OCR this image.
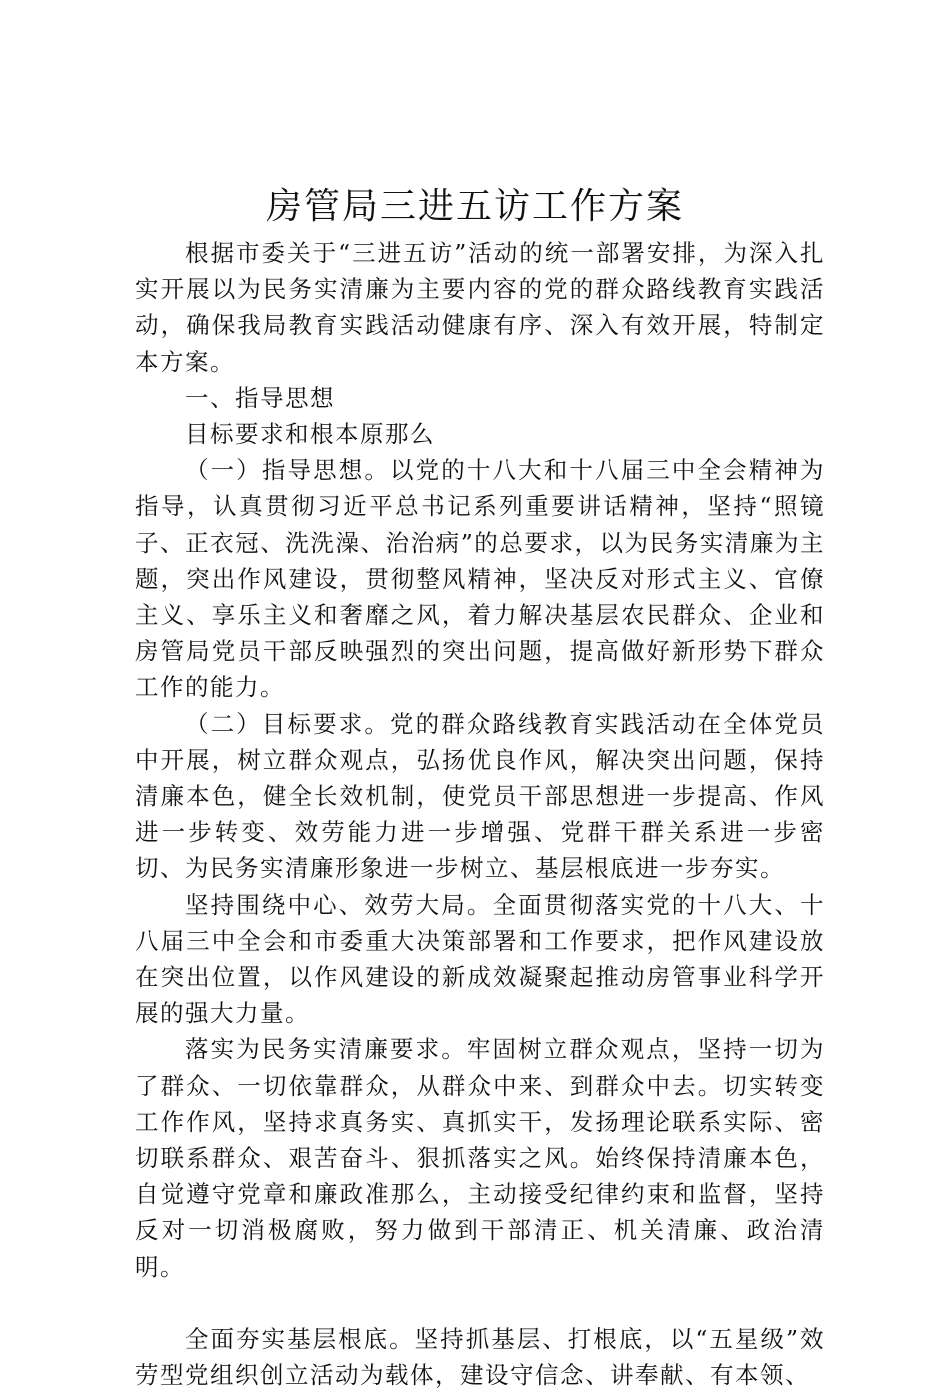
房管局三进五访工作方案

根据市委关于“三进五访”活动的统一部署安排，为深入扎实开展以为民务实清廉为主要内容的党的群众路线教育实践活动，确保我局教育实践活动健康有序、深入有效开展，特制定本方案。

一、指导思想

目标要求和根本原那么

（一）指导思想。以党的十八大和十八届三中全会精神为指导，认真贯彻习近平总书记系列重要讲话精神，坚持“照镜子、正衣冠、洗洗澡、治治病”的总要求，以为民务实清廉为主题，突出作风建设，贯彻整风精神，坚决反对形式主义、官僚主义、享乐主义和奢靡之风，着力解决基层农民群众、企业和房管局党员干部反映强烈的突出问题，提高做好新形势下群众工作的能力。

（二）目标要求。党的群众路线教育实践活动在全体党员中开展，树立群众观点，弘扬优良作风，解决突出问题，保持清廉本色，健全长效机制，使党员干部思想进一步提高、作风进一步转变、效劳能力进一步增强、党群干群关系进一步密切、为民务实清廉形象进一步树立、基层根底进一步夯实。

坚持围绕中心、效劳大局。全面贯彻落实党的十八大、十八届三中全会和市委重大决策部署和工作要求，把作风建设放在突出位置，以作风建设的新成效凝聚起推动房管事业科学开展的强大力量。

落实为民务实清廉要求。牢固树立群众观点，坚持一切为了群众、一切依靠群众，从群众中来、到群众中去。切实转变工作作风，坚持求真务实、真抓实干，发扬理论联系实际、密切联系群众、艰苦奋斗、狠抓落实之风。始终保持清廉本色，自觉遵守党章和廉政准那么，主动接受纪律约束和监督，坚持反对一切消极腐败，努力做到干部清正、机关清廉、政治清明。

全面夯实基层根底。坚持抓基层、打根底，以“五星级”效劳型党组织创立活动为载体，建设守信念、讲奉献、有本领、
